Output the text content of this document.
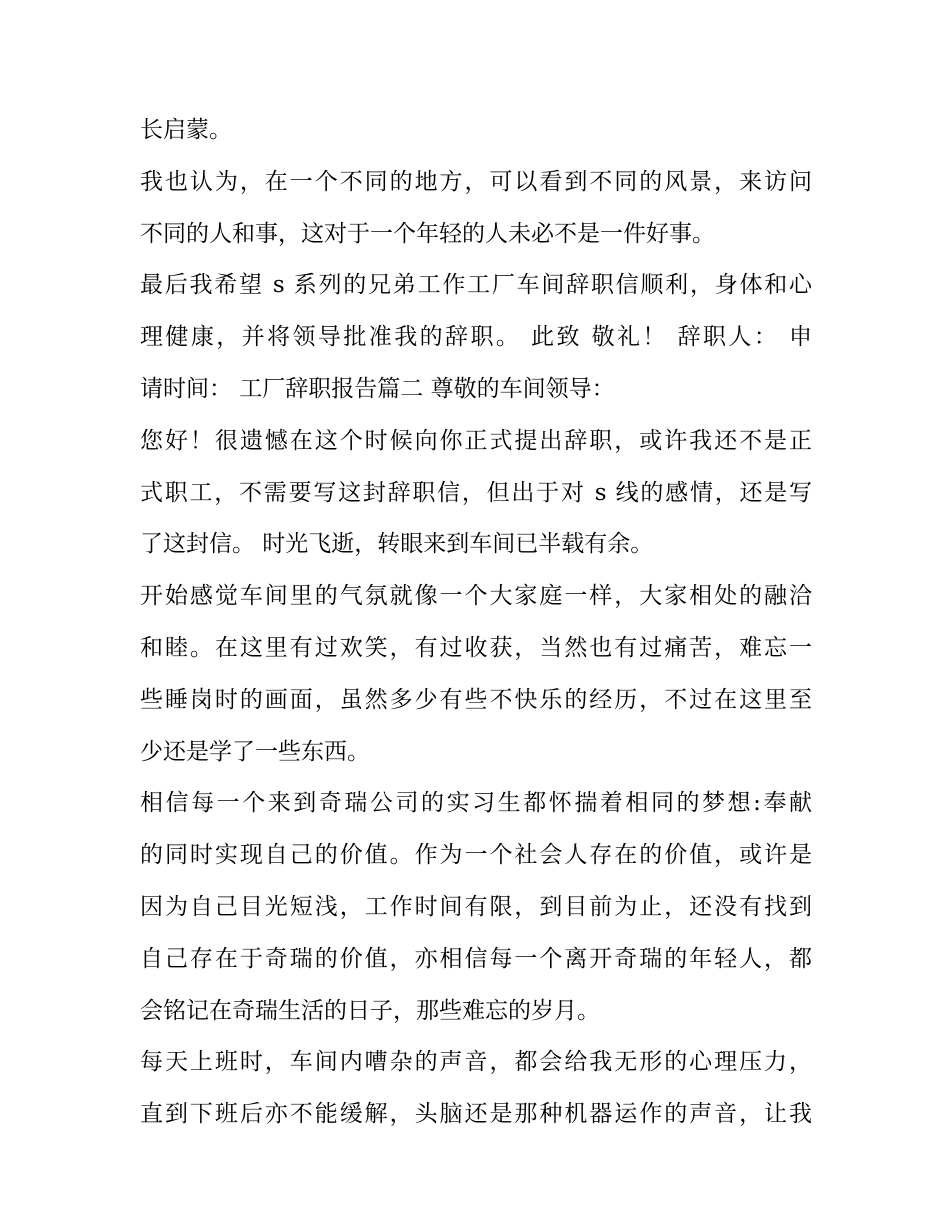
长启蒙。
我也认为，在一个不同的地方，可以看到不同的风景，来访问
不同的人和事，这对于一个年轻的人未必不是一件好事。
最后我希望 s 系列的兄弟工作工厂车间辞职信顺利，身体和心
理健康，并将领导批准我的辞职。 此致 敬礼！ 辞职人： 申
请时间： 工厂辞职报告篇二 尊敬的车间领导：
您好！很遗憾在这个时候向你正式提出辞职，或许我还不是正
式职工，不需要写这封辞职信，但出于对 s 线的感情，还是写
了这封信。 时光飞逝，转眼来到车间已半载有余。
开始感觉车间里的气氛就像一个大家庭一样，大家相处的融洽
和睦。在这里有过欢笑，有过收获，当然也有过痛苦，难忘一
些睡岗时的画面，虽然多少有些不快乐的经历，不过在这里至
少还是学了一些东西。
相信每一个来到奇瑞公司的实习生都怀揣着相同的梦想:奉献
的同时实现自己的价值。作为一个社会人存在的价值，或许是
因为自己目光短浅，工作时间有限，到目前为止，还没有找到
自己存在于奇瑞的价值，亦相信每一个离开奇瑞的年轻人，都
会铭记在奇瑞生活的日子，那些难忘的岁月。
每天上班时，车间内嘈杂的声音，都会给我无形的心理压力，
直到下班后亦不能缓解，头脑还是那种机器运作的声音，让我
